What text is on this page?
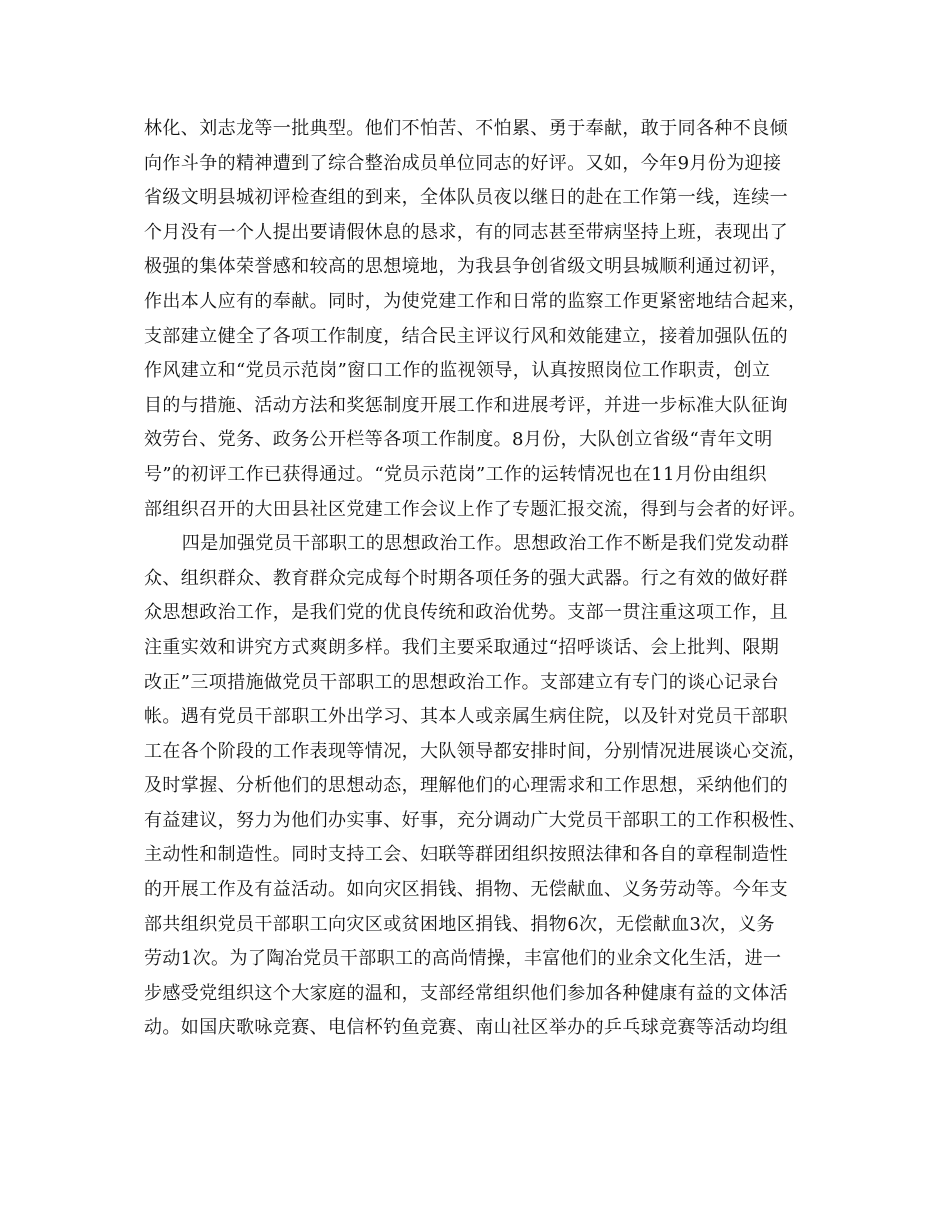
林化、刘志龙等一批典型。他们不怕苦、不怕累、勇于奉献，敢于同各种不良倾
向作斗争的精神遭到了综合整治成员单位同志的好评。又如，今年9月份为迎接
省级文明县城初评检查组的到来，全体队员夜以继日的赴在工作第一线，连续一
个月没有一个人提出要请假休息的恳求，有的同志甚至带病坚持上班，表现出了
极强的集体荣誉感和较高的思想境地，为我县争创省级文明县城顺利通过初评，
作出本人应有的奉献。同时，为使党建工作和日常的监察工作更紧密地结合起来，
支部建立健全了各项工作制度，结合民主评议行风和效能建立，接着加强队伍的
作风建立和“党员示范岗”窗口工作的监视领导，认真按照岗位工作职责，创立
目的与措施、活动方法和奖惩制度开展工作和进展考评，并进一步标准大队征询
效劳台、党务、政务公开栏等各项工作制度。8月份，大队创立省级“青年文明
号”的初评工作已获得通过。“党员示范岗”工作的运转情况也在11月份由组织
部组织召开的大田县社区党建工作会议上作了专题汇报交流，得到与会者的好评。
四是加强党员干部职工的思想政治工作。思想政治工作不断是我们党发动群
众、组织群众、教育群众完成每个时期各项任务的强大武器。行之有效的做好群
众思想政治工作，是我们党的优良传统和政治优势。支部一贯注重这项工作，且
注重实效和讲究方式爽朗多样。我们主要采取通过“招呼谈话、会上批判、限期
改正”三项措施做党员干部职工的思想政治工作。支部建立有专门的谈心记录台
帐。遇有党员干部职工外出学习、其本人或亲属生病住院，以及针对党员干部职
工在各个阶段的工作表现等情况，大队领导都安排时间，分别情况进展谈心交流，
及时掌握、分析他们的思想动态，理解他们的心理需求和工作思想，采纳他们的
有益建议，努力为他们办实事、好事，充分调动广大党员干部职工的工作积极性、
主动性和制造性。同时支持工会、妇联等群团组织按照法律和各自的章程制造性
的开展工作及有益活动。如向灾区捐钱、捐物、无偿献血、义务劳动等。今年支
部共组织党员干部职工向灾区或贫困地区捐钱、捐物6次，无偿献血3次，义务
劳动1次。为了陶冶党员干部职工的高尚情操，丰富他们的业余文化生活，进一
步感受党组织这个大家庭的温和，支部经常组织他们参加各种健康有益的文体活
动。如国庆歌咏竞赛、电信杯钓鱼竞赛、南山社区举办的乒乓球竞赛等活动均组
